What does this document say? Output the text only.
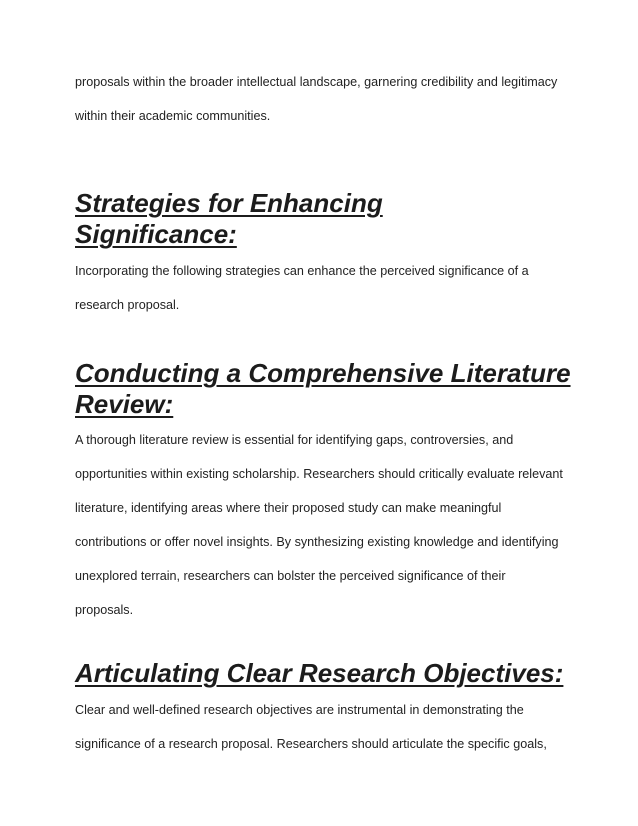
proposals within the broader intellectual landscape, garnering credibility and legitimacy
within their academic communities.

Strategies for Enhancing
Significance:

Incorporating the following strategies can enhance the perceived significance of a
research proposal.

Conducting a Comprehensive Literature
Review:

A thorough literature review is essential for identifying gaps, controversies, and
opportunities within existing scholarship. Researchers should critically evaluate relevant
literature, identifying areas where their proposed study can make meaningful
contributions or offer novel insights. By synthesizing existing knowledge and identifying
unexplored terrain, researchers can bolster the perceived significance of their
proposals.

Articulating Clear Research Objectives:

Clear and well-defined research objectives are instrumental in demonstrating the
significance of a research proposal. Researchers should articulate the specific goals,
